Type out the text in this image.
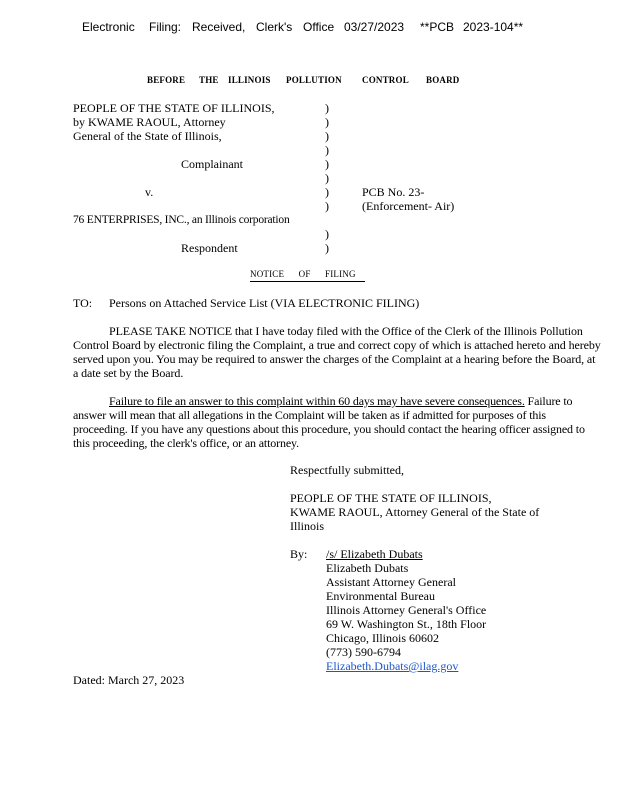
Electronic Filing: Received, Clerk's Office 03/27/2023 **PCB 2023-104**
BEFORE THE ILLINOIS POLLUTION CONTROL BOARD
PEOPLE OF THE STATE OF ILLINOIS,
by KWAME RAOUL, Attorney
General of the State of Illinois,
Complainant
v.
76 ENTERPRISES, INC., an Illinois corporation
Respondent
)
)
)
)
)
)
)
)
)
)
PCB No. 23-
(Enforcement- Air)
NOTICE OF FILING
TO: Persons on Attached Service List (VIA ELECTRONIC FILING)
PLEASE TAKE NOTICE that I have today filed with the Office of the Clerk of the Illinois Pollution Control Board by electronic filing the Complaint, a true and correct copy of which is attached hereto and hereby served upon you. You may be required to answer the charges of the Complaint at a hearing before the Board, at a date set by the Board.
Failure to file an answer to this complaint within 60 days may have severe consequences. Failure to answer will mean that all allegations in the Complaint will be taken as if admitted for purposes of this proceeding. If you have any questions about this procedure, you should contact the hearing officer assigned to this proceeding, the clerk's office, or an attorney.
Respectfully submitted,
PEOPLE OF THE STATE OF ILLINOIS,
KWAME RAOUL, Attorney General of the State of
Illinois
By: /s/ Elizabeth Dubats
Elizabeth Dubats
Assistant Attorney General
Environmental Bureau
Illinois Attorney General's Office
69 W. Washington St., 18th Floor
Chicago, Illinois 60602
(773) 590-6794
Elizabeth.Dubats@ilag.gov
Dated: March 27, 2023
